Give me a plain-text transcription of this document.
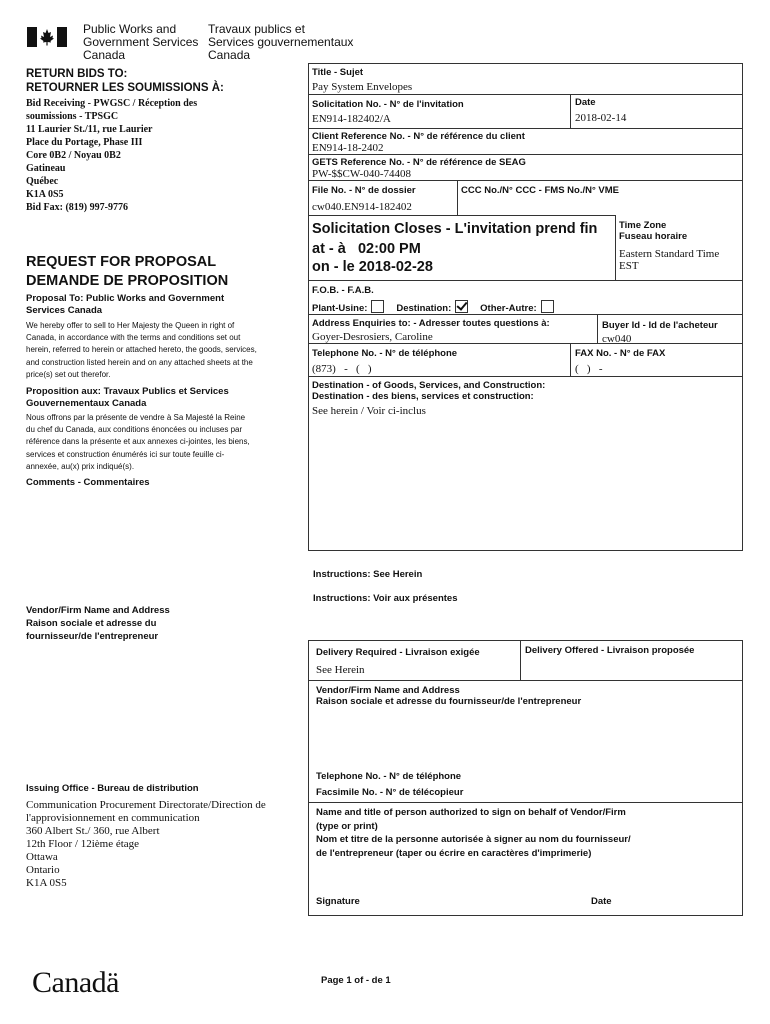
Public Works and
Government Services
Canada
Travaux publics et
Services gouvernementaux
Canada
RETURN BIDS TO:
RETOURNER LES SOUMISSIONS À:
Bid Receiving - PWGSC / Réception des
soumissions - TPSGC
11 Laurier St./11, rue Laurier
Place du Portage, Phase III
Core 0B2 / Noyau 0B2
Gatineau
Québec
K1A 0S5
Bid Fax: (819) 997-9776
REQUEST FOR PROPOSAL
DEMANDE DE PROPOSITION
Proposal To: Public Works and Government Services Canada
We hereby offer to sell to Her Majesty the Queen in right of Canada, in accordance with the terms and conditions set out herein, referred to herein or attached hereto, the goods, services, and construction listed herein and on any attached sheets at the price(s) set out therefor.
Proposition aux: Travaux Publics et Services Gouvernementaux Canada
Nous offrons par la présente de vendre à Sa Majesté la Reine du chef du Canada, aux conditions énoncées ou incluses par référence dans la présente et aux annexes ci-jointes, les biens, services et construction énumérés ici sur toute feuille ci-annexée, au(x) prix indiqué(s).
Comments - Commentaires
Vendor/Firm Name and Address
Raison sociale et adresse du
fournisseur/de l'entrepreneur
Issuing Office - Bureau de distribution
Communication Procurement Directorate/Direction de
l'approvisionnement en communication
360 Albert St./ 360, rue Albert
12th Floor / 12ième étage
Ottawa
Ontario
K1A 0S5
Title - Sujet
Pay System Envelopes
Solicitation No. - N° de l'invitation
EN914-182402/A
Date
2018-02-14
Client Reference No. - N° de référence du client
EN914-18-2402
GETS Reference No. - N° de référence de SEAG
PW-$$CW-040-74408
File No. - N° de dossier
cw040.EN914-182402
CCC No./N° CCC - FMS No./N° VME
Solicitation Closes - L'invitation prend fin
at - à 02:00 PM
on - le 2018-02-28
Time Zone
Fuseau horaire
Eastern Standard Time
EST
F.O.B. - F.A.B.
Plant-Usine:	Destination:	Other-Autre:
Address Enquiries to: - Adresser toutes questions à:
Goyer-Desrosiers, Caroline
Buyer Id - Id de l'acheteur
cw040
Telephone No. - N° de téléphone
(873)   -   (   )
FAX No. - N° de FAX
(   )   -
Destination - of Goods, Services, and Construction:
Destination - des biens, services et construction:
See herein / Voir ci-inclus
Instructions: See Herein
Instructions: Voir aux présentes
Delivery Required - Livraison exigée
See Herein
Delivery Offered - Livraison proposée
Vendor/Firm Name and Address
Raison sociale et adresse du fournisseur/de l'entrepreneur
Telephone No. - N° de téléphone
Facsimile No. - N° de télécopieur
Name and title of person authorized to sign on behalf of Vendor/Firm
(type or print)
Nom et titre de la personne autorisée à signer au nom du fournisseur/
de l'entrepreneur (taper ou écrire en caractères d'imprimerie)
Signature	Date
Canadä	Page 1 of - de 1
